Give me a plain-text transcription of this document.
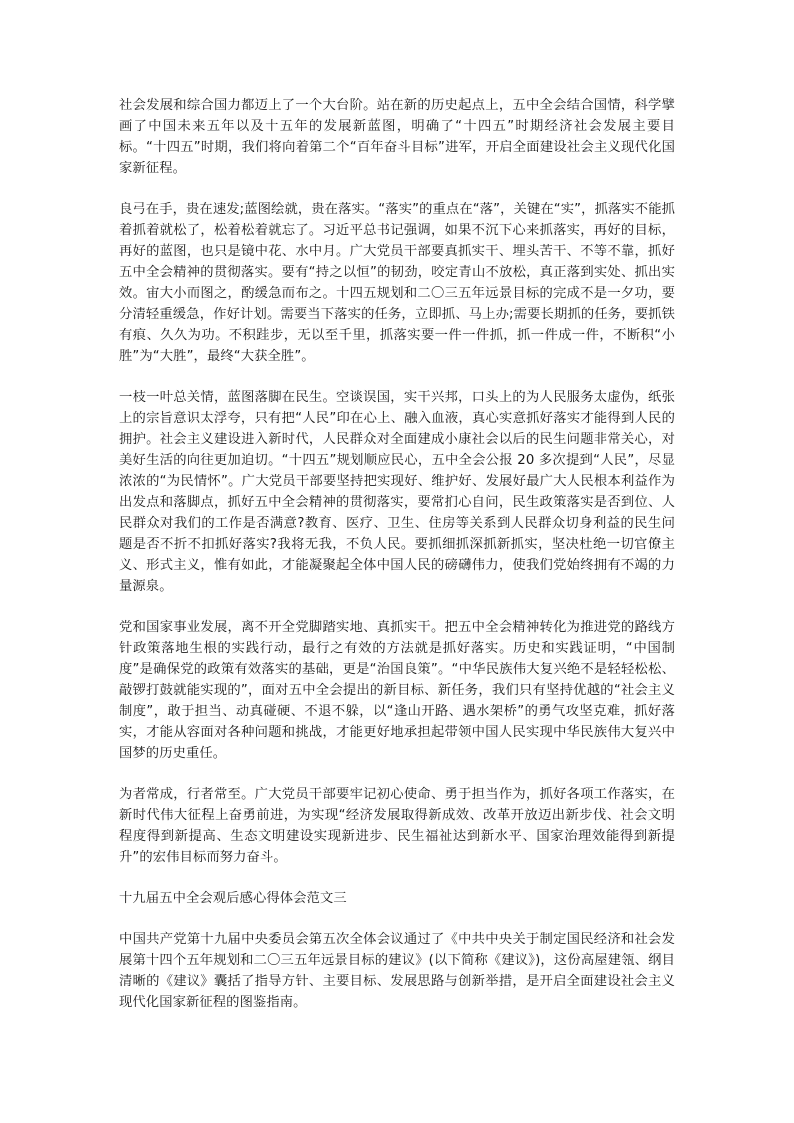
社会发展和综合国力都迈上了一个大台阶。站在新的历史起点上，五中全会结合国情，科学擘画了中国未来五年以及十五年的发展新蓝图，明确了“十四五”时期经济社会发展主要目标。“十四五”时期，我们将向着第二个“百年奋斗目标”进军，开启全面建设社会主义现代化国家新征程。

良弓在手，贵在速发;蓝图绘就，贵在落实。“落实”的重点在“落”，关键在“实”，抓落实不能抓着抓着就松了，松着松着就忘了。习近平总书记强调，如果不沉下心来抓落实，再好的目标，再好的蓝图，也只是镜中花、水中月。广大党员干部要真抓实干、埋头苦干、不等不靠，抓好五中全会精神的贯彻落实。要有“持之以恒”的韧劲，咬定青山不放松，真正落到实处、抓出实效。宙大小而图之，酌缓急而布之。十四五规划和二〇三五年远景目标的完成不是一夕功，要分清轻重缓急，作好计划。需要当下落实的任务，立即抓、马上办;需要长期抓的任务，要抓铁有痕、久久为功。不积跬步，无以至千里，抓落实要一件一件抓，抓一件成一件，不断积“小胜”为“大胜”，最终“大获全胜”。

一枝一叶总关情，蓝图落脚在民生。空谈误国，实干兴邦，口头上的为人民服务太虚伪，纸张上的宗旨意识太浮夸，只有把“人民”印在心上、融入血液，真心实意抓好落实才能得到人民的拥护。社会主义建设进入新时代，人民群众对全面建成小康社会以后的民生问题非常关心，对美好生活的向往更加迫切。“十四五”规划顺应民心，五中全会公报 20 多次提到“人民”，尽显浓浓的“为民情怀”。广大党员干部要坚持把实现好、维护好、发展好最广大人民根本利益作为出发点和落脚点，抓好五中全会精神的贯彻落实，要常扪心自问，民生政策落实是否到位、人民群众对我们的工作是否满意?教育、医疗、卫生、住房等关系到人民群众切身利益的民生问题是否不折不扣抓好落实?我将无我，不负人民。要抓细抓深抓新抓实，坚决杜绝一切官僚主义、形式主义，惟有如此，才能凝聚起全体中国人民的磅礴伟力，使我们党始终拥有不竭的力量源泉。

党和国家事业发展，离不开全党脚踏实地、真抓实干。把五中全会精神转化为推进党的路线方针政策落地生根的实践行动，最行之有效的方法就是抓好落实。历史和实践证明，“中国制度”是确保党的政策有效落实的基础，更是“治国良策”。“中华民族伟大复兴绝不是轻轻松松、敲锣打鼓就能实现的”，面对五中全会提出的新目标、新任务，我们只有坚持优越的“社会主义制度”，敢于担当、动真碰硬、不退不躲，以“逢山开路、遇水架桥”的勇气攻坚克难，抓好落实，才能从容面对各种问题和挑战，才能更好地承担起带领中国人民实现中华民族伟大复兴中国梦的历史重任。

为者常成，行者常至。广大党员干部要牢记初心使命、勇于担当作为，抓好各项工作落实，在新时代伟大征程上奋勇前进，为实现“经济发展取得新成效、改革开放迈出新步伐、社会文明程度得到新提高、生态文明建设实现新进步、民生福祉达到新水平、国家治理效能得到新提升”的宏伟目标而努力奋斗。

十九届五中全会观后感心得体会范文三

中国共产党第十九届中央委员会第五次全体会议通过了《中共中央关于制定国民经济和社会发展第十四个五年规划和二〇三五年远景目标的建议》(以下简称《建议》)，这份高屋建瓴、纲目清晰的《建议》囊括了指导方针、主要目标、发展思路与创新举措，是开启全面建设社会主义现代化国家新征程的图鉴指南。
